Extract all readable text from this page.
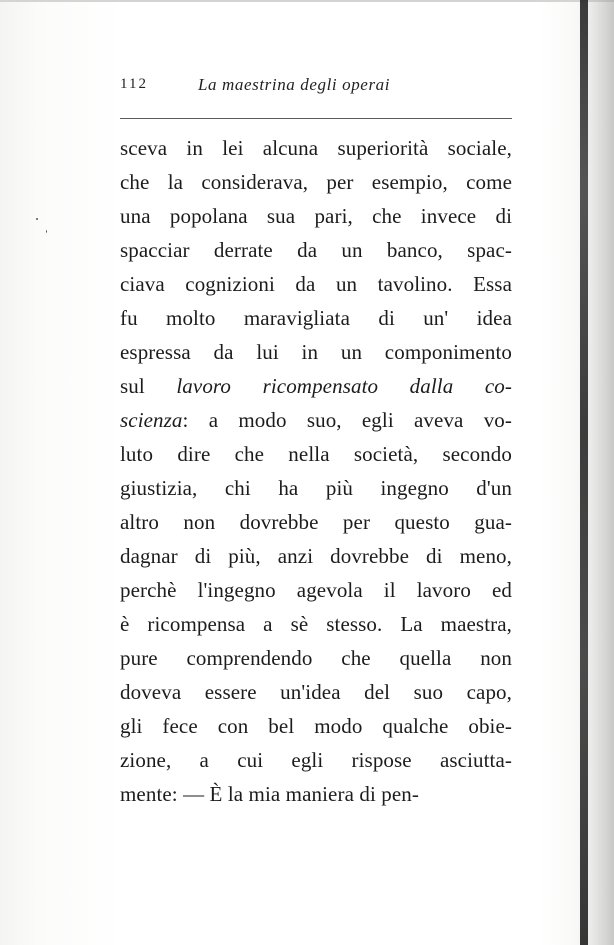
112	La maestrina degli operai
sceva in lei alcuna superiorità sociale,
che la considerava, per esempio, come
una popolana sua pari, che invece di
spacciar derrate da un banco, spac-
ciava cognizioni da un tavolino. Essa
fu molto maravigliata di un' idea
espressa da lui in un componimento
sul lavoro ricompensato dalla co-
scienza: a modo suo, egli aveva vo-
luto dire che nella società, secondo
giustizia, chi ha più ingegno d'un
altro non dovrebbe per questo gua-
dagnar di più, anzi dovrebbe di meno,
perchè l'ingegno agevola il lavoro ed
è ricompensa a sè stesso. La maestra,
pure comprendendo che quella non
doveva essere un'idea del suo capo,
gli fece con bel modo qualche obie-
zione, a cui egli rispose asciutta-
mente: — È la mia maniera di pen-
